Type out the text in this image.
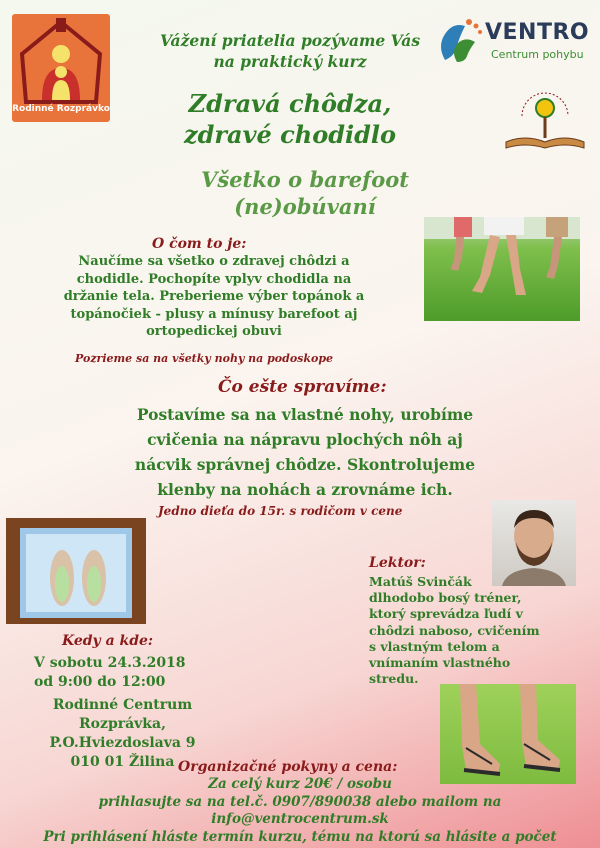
Rodinné Rozprávko
VENTRO
Centrum pohybu

Vážení priatelia pozývame Vás
na praktický kurz

Zdravá chôdza,
zdravé chodidlo

Všetko o barefoot
(ne)obúvaní

O čom to je:

Naučíme sa všetko o zdravej chôdzi a
chodidle. Pochopíte vplyv chodidla na
držanie tela. Preberieme výber topánok a
topánočiek - plusy a mínusy barefoot aj
ortopedickej obuvi

Pozrieme sa na všetky nohy na podoskope

Čo ešte spravíme:

Postavíme sa na vlastné nohy, urobíme
cvičenia na nápravu plochých nôh aj
nácvik správnej chôdze. Skontrolujeme
klenby na nohách a zrovnáme ich.

Jedno dieťa do 15r. s rodičom v cene

Lektor:

Matúš Svinčák
dlhodobo bosý tréner,
ktorý sprevádza ľudí v
chôdzi naboso, cvičením
s vlastným telom a
vnímaním vlastného
stredu.

Kedy a kde:

V sobotu 24.3.2018
od 9:00 do 12:00

Rodinné Centrum
Rozprávka,
P.O.Hviezdoslava 9
010 01 Žilina Organizačné pokyny a cena:

Za celý kurz 20€ / osobu
prihlasujte sa na tel.č. 0907/890038 alebo mailom na
info@ventrocentrum.sk
Pri prihlásení hláste termín kurzu, tému na ktorú sa hlásite a počet
